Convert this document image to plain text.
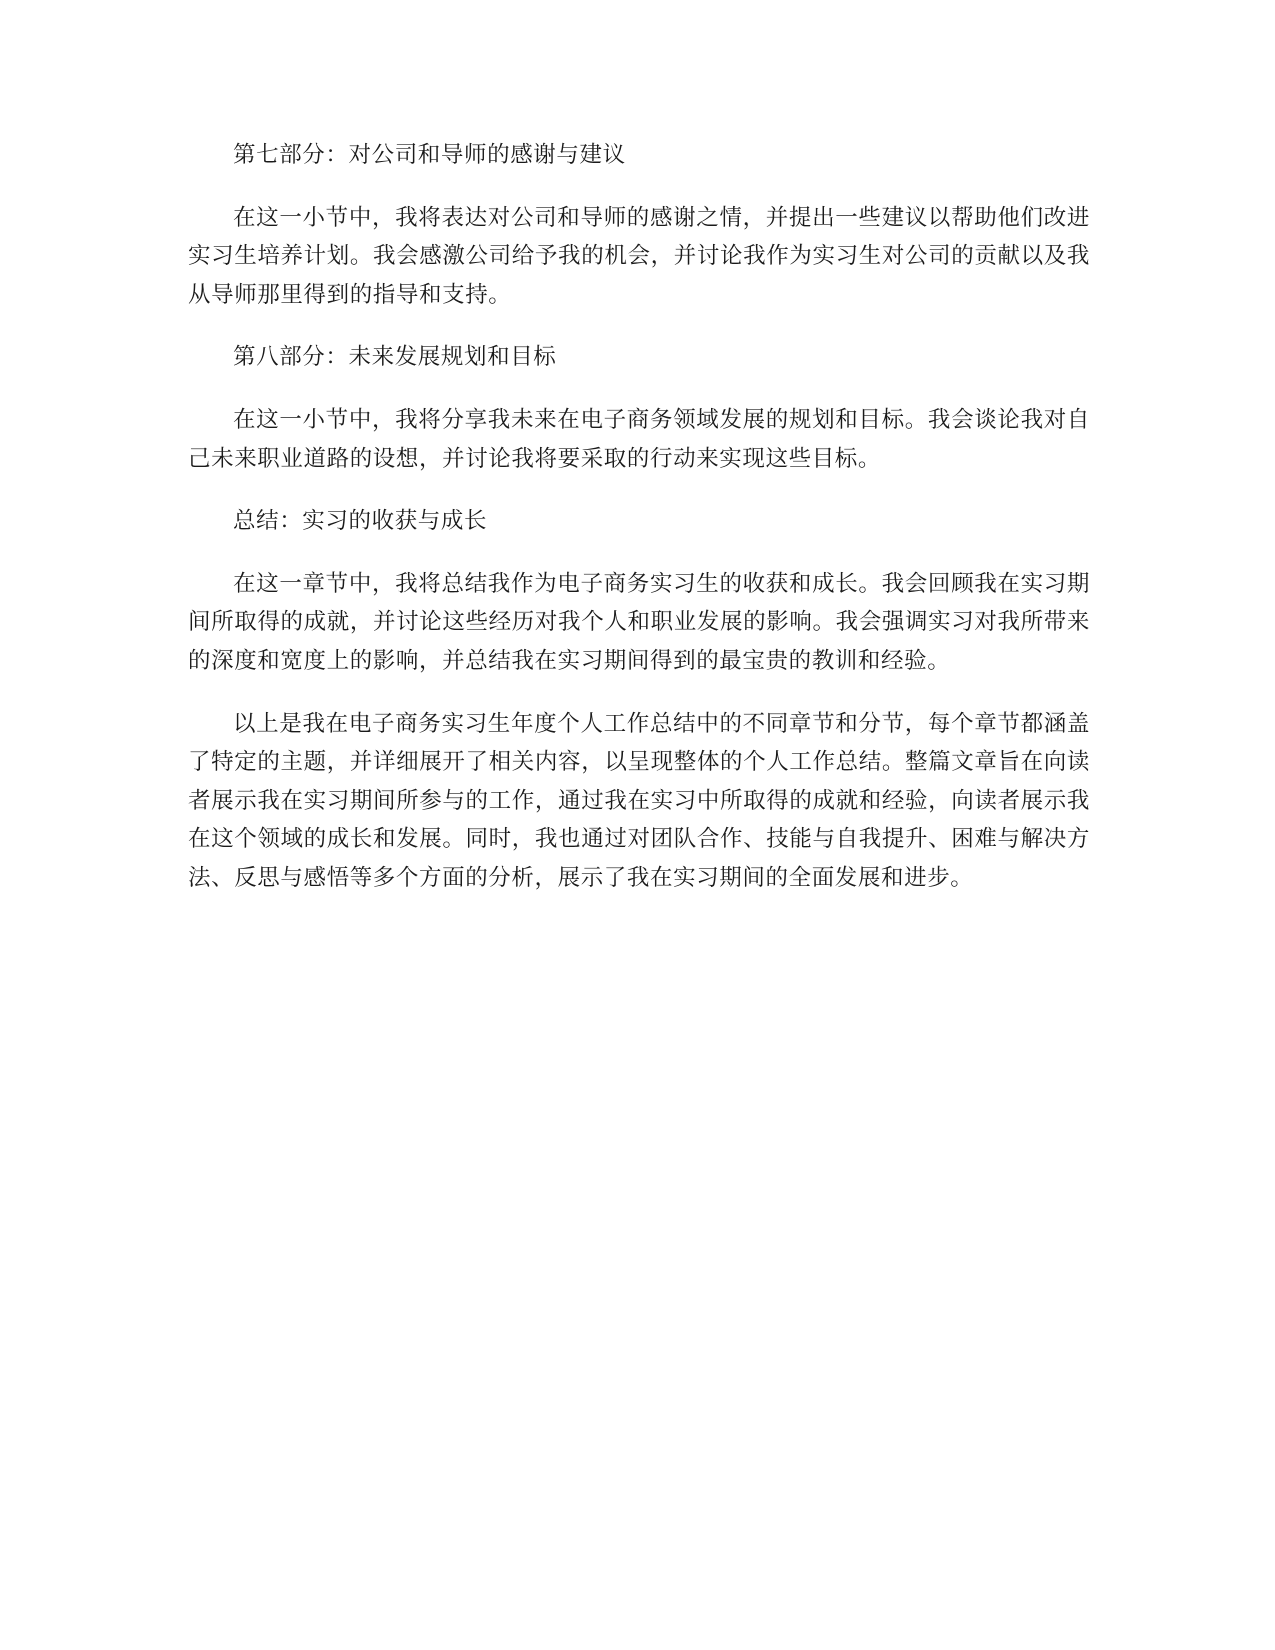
第七部分：对公司和导师的感谢与建议

在这一小节中，我将表达对公司和导师的感谢之情，并提出一些建议以帮助他们改进实习生培养计划。我会感激公司给予我的机会，并讨论我作为实习生对公司的贡献以及我从导师那里得到的指导和支持。

第八部分：未来发展规划和目标

在这一小节中，我将分享我未来在电子商务领域发展的规划和目标。我会谈论我对自己未来职业道路的设想，并讨论我将要采取的行动来实现这些目标。

总结：实习的收获与成长

在这一章节中，我将总结我作为电子商务实习生的收获和成长。我会回顾我在实习期间所取得的成就，并讨论这些经历对我个人和职业发展的影响。我会强调实习对我所带来的深度和宽度上的影响，并总结我在实习期间得到的最宝贵的教训和经验。

以上是我在电子商务实习生年度个人工作总结中的不同章节和分节，每个章节都涵盖了特定的主题，并详细展开了相关内容，以呈现整体的个人工作总结。整篇文章旨在向读者展示我在实习期间所参与的工作，通过我在实习中所取得的成就和经验，向读者展示我在这个领域的成长和发展。同时，我也通过对团队合作、技能与自我提升、困难与解决方法、反思与感悟等多个方面的分析，展示了我在实习期间的全面发展和进步。
